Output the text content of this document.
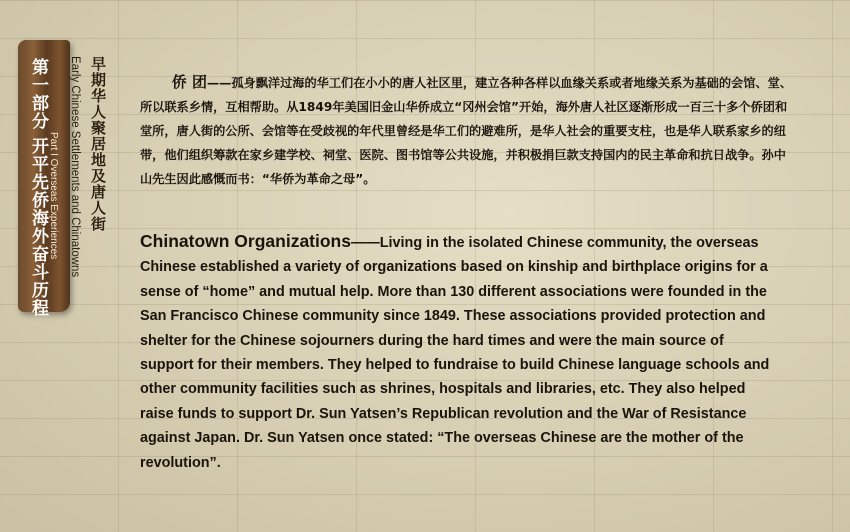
第一部分 开平先侨海外奋斗历程 Part I Overseas Experiences 早期华人聚居地及唐人街
Early Chinese Settlements and Chinatowns	侨 团——孤身飘洋过海的华工们在小小的唐人社区里，建立各种各样以血缘关系或者地缘关系为基础的会馆、堂、所以联系乡情，互相帮助。从1849年美国旧金山华侨成立“冈州会馆”开始，海外唐人社区逐渐形成一百三十多个侨团和堂所，唐人街的公所、会馆等在受歧视的年代里曾经是华工们的避难所，是华人社会的重要支柱，也是华人联系家乡的纽带，他们组织筹款在家乡建学校、祠堂、医院、图书馆等公共设施，并积极捐巨款支持国内的民主革命和抗日战争。孙中山先生因此感慨而书：“华侨为革命之母”。

Chinatown Organizations——Living in the isolated Chinese community, the overseas Chinese established a variety of organizations based on kinship and birthplace origins for a sense of “home” and mutual help. More than 130 different associations were founded in the San Francisco Chinese community since 1849. These associations provided protection and shelter for the Chinese sojourners during the hard times and were the main source of support for their members. They helped to fundraise to build Chinese language schools and other community facilities such as shrines, hospitals and libraries, etc. They also helped raise funds to support Dr. Sun Yatsen’s Republican revolution and the War of Resistance against Japan. Dr. Sun Yatsen once stated: “The overseas Chinese are the mother of the revolution”.
